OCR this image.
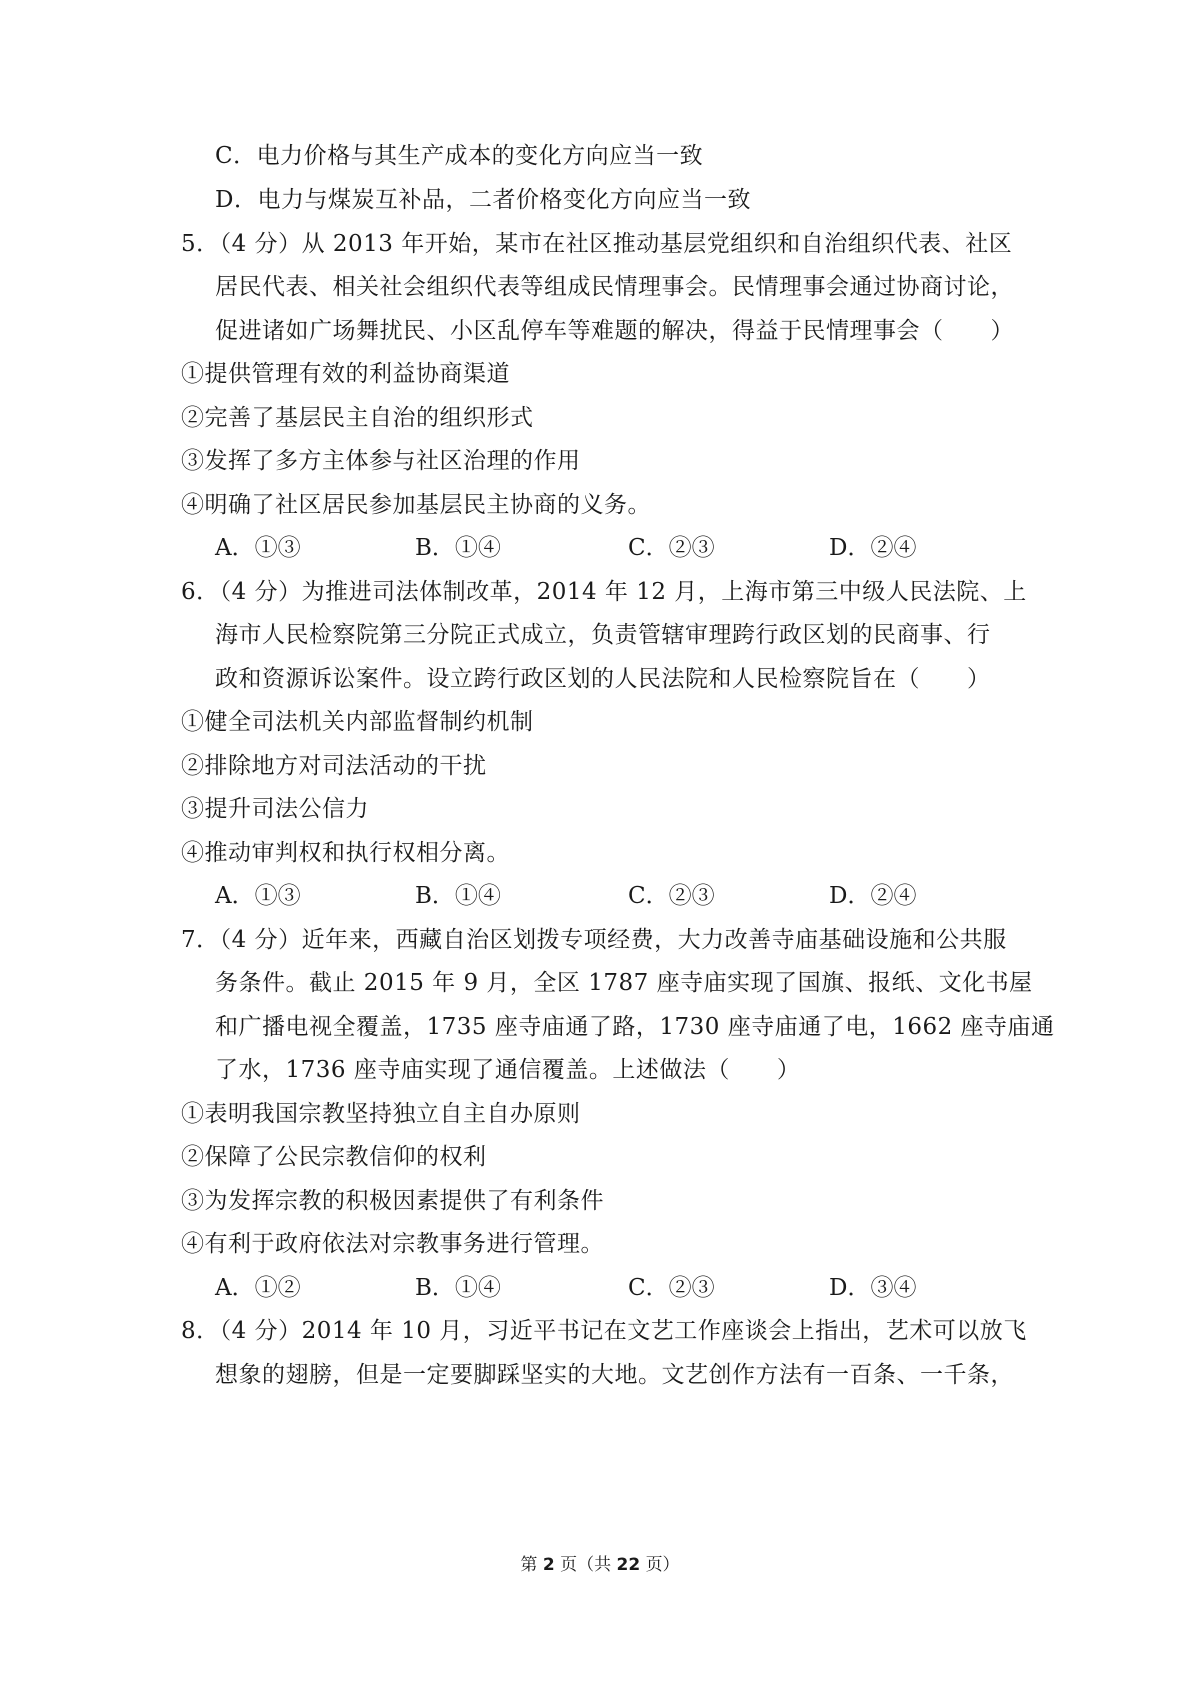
C．电力价格与其生产成本的变化方向应当一致
D．电力与煤炭互补品，二者价格变化方向应当一致
5．（4 分）从 2013 年开始，某市在社区推动基层党组织和自治组织代表、社区
居民代表、相关社会组织代表等组成民情理事会。民情理事会通过协商讨论，
促进诸如广场舞扰民、小区乱停车等难题的解决，得益于民情理事会（　　）
①提供管理有效的利益协商渠道
②完善了基层民主自治的组织形式
③发挥了多方主体参与社区治理的作用
④明确了社区居民参加基层民主协商的义务。
A．①③	B．①④	C．②③	D．②④
6．（4 分）为推进司法体制改革，2014 年 12 月，上海市第三中级人民法院、上
海市人民检察院第三分院正式成立，负责管辖审理跨行政区划的民商事、行
政和资源诉讼案件。设立跨行政区划的人民法院和人民检察院旨在（　　）
①健全司法机关内部监督制约机制
②排除地方对司法活动的干扰
③提升司法公信力
④推动审判权和执行权相分离。
A．①③	B．①④	C．②③	D．②④
7．（4 分）近年来，西藏自治区划拨专项经费，大力改善寺庙基础设施和公共服
务条件。截止 2015 年 9 月，全区 1787 座寺庙实现了国旗、报纸、文化书屋
和广播电视全覆盖，1735 座寺庙通了路，1730 座寺庙通了电，1662 座寺庙通
了水，1736 座寺庙实现了通信覆盖。上述做法（　　）
①表明我国宗教坚持独立自主自办原则
②保障了公民宗教信仰的权利
③为发挥宗教的积极因素提供了有利条件
④有利于政府依法对宗教事务进行管理。
A．①②	B．①④	C．②③	D．③④
8．（4 分）2014 年 10 月，习近平书记在文艺工作座谈会上指出，艺术可以放飞
想象的翅膀，但是一定要脚踩坚实的大地。文艺创作方法有一百条、一千条，
第 2 页（共 22 页）
